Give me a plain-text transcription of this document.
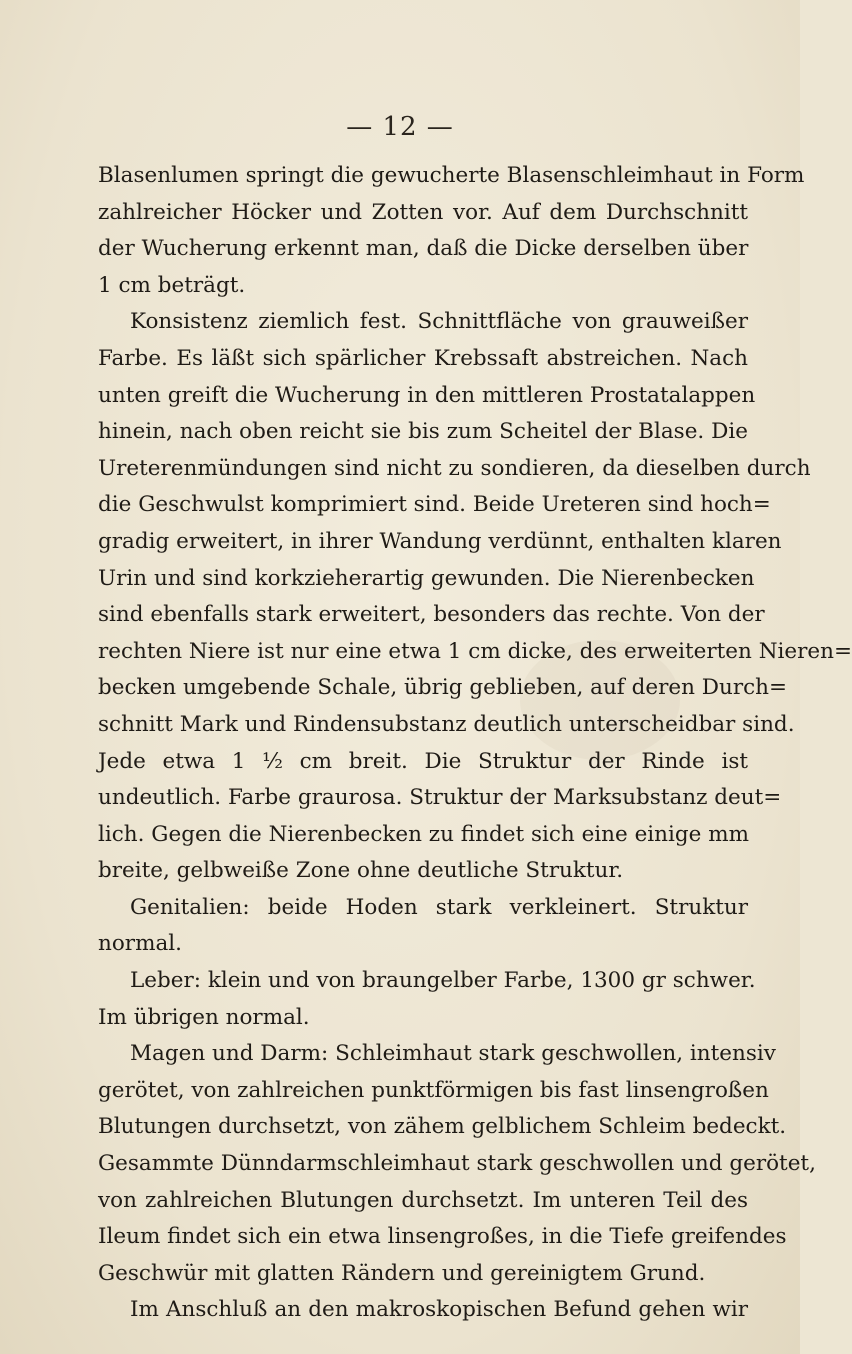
— 12 —
Blasenlumen springt die gewucherte Blasenschleimhaut in Form
zahlreicher Höcker und Zotten vor. Auf dem Durchschnitt
der Wucherung erkennt man, daß die Dicke derselben über
1 cm beträgt.
Konsistenz ziemlich fest. Schnittfläche von grauweißer
Farbe. Es läßt sich spärlicher Krebssaft abstreichen. Nach
unten greift die Wucherung in den mittleren Prostatalappen
hinein, nach oben reicht sie bis zum Scheitel der Blase. Die
Ureterenmündungen sind nicht zu sondieren, da dieselben durch
die Geschwulst komprimiert sind. Beide Ureteren sind hoch=
gradig erweitert, in ihrer Wandung verdünnt, enthalten klaren
Urin und sind korkzieherartig gewunden. Die Nierenbecken
sind ebenfalls stark erweitert, besonders das rechte. Von der
rechten Niere ist nur eine etwa 1 cm dicke, des erweiterten Nieren=
becken umgebende Schale, übrig geblieben, auf deren Durch=
schnitt Mark und Rindensubstanz deutlich unterscheidbar sind.
Jede etwa 1 ½ cm breit. Die Struktur der Rinde ist
undeutlich. Farbe graurosa. Struktur der Marksubstanz deut=
lich. Gegen die Nierenbecken zu findet sich eine einige mm
breite, gelbweiße Zone ohne deutliche Struktur.
Genitalien: beide Hoden stark verkleinert. Struktur
normal.
Leber: klein und von braungelber Farbe, 1300 gr schwer.
Im übrigen normal.
Magen und Darm: Schleimhaut stark geschwollen, intensiv
gerötet, von zahlreichen punktförmigen bis fast linsengroßen
Blutungen durchsetzt, von zähem gelblichem Schleim bedeckt.
Gesammte Dünndarmschleimhaut stark geschwollen und gerötet,
von zahlreichen Blutungen durchsetzt. Im unteren Teil des
Ileum findet sich ein etwa linsengroßes, in die Tiefe greifendes
Geschwür mit glatten Rändern und gereinigtem Grund.
Im Anschluß an den makroskopischen Befund gehen wir
